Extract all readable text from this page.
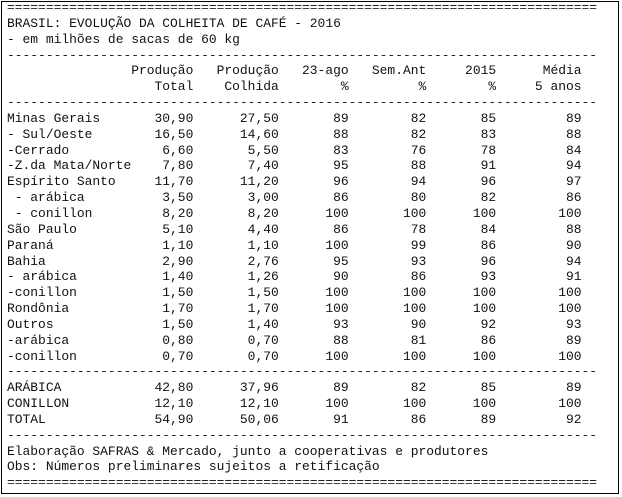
============================================================================
BRASIL: EVOLUÇÃO DA COLHEITA DE CAFÉ - 2016
- em milhões de sacas de 60 kg
----------------------------------------------------------------------------
Produção   Produção   23-ago   Sem.Ant     2015      Média
Total    Colhida        %         %        %     5 anos
----------------------------------------------------------------------------
Minas Gerais       30,90      27,50       89        82       85         89
- Sul/Oeste        16,50      14,60       88        82       83         88
-Cerrado            6,60       5,50       83        76       78         84
-Z.da Mata/Norte    7,80       7,40       95        88       91         94
Espírito Santo     11,70      11,20       96        94       96         97
- arábica          3,50       3,00       86        80       82         86
- conillon         8,20       8,20      100       100      100        100
São Paulo           5,10       4,40       86        78       84         88
Paraná              1,10       1,10      100        99       86         90
Bahia               2,90       2,76       95        93       96         94
- arábica           1,40       1,26       90        86       93         91
-conillon           1,50       1,50      100       100      100        100
Rondônia            1,70       1,70      100       100      100        100
Outros              1,50       1,40       93        90       92         93
-arábica            0,80       0,70       88        81       86         89
-conillon           0,70       0,70      100       100      100        100
----------------------------------------------------------------------------
ARÁBICA            42,80      37,96       89        82       85         89
CONILLON           12,10      12,10      100       100      100        100
TOTAL              54,90      50,06       91        86       89         92
----------------------------------------------------------------------------
Elaboração SAFRAS & Mercado, junto a cooperativas e produtores
Obs: Números preliminares sujeitos a retificação
============================================================================
